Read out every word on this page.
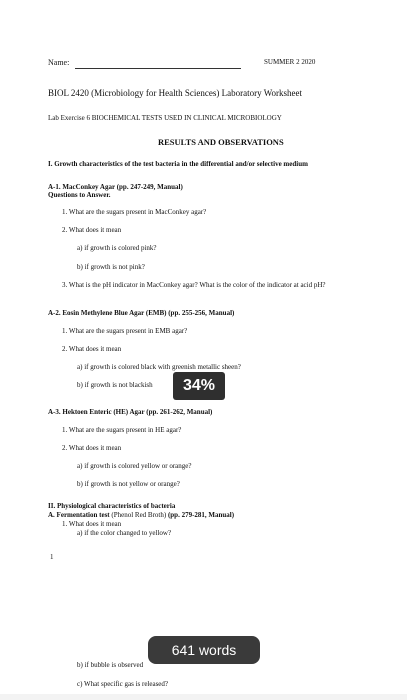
Name:	SUMMER 2 2020
BIOL 2420 (Microbiology for Health Sciences) Laboratory Worksheet
Lab Exercise 6 BIOCHEMICAL TESTS USED IN CLINICAL MICROBIOLOGY
RESULTS AND OBSERVATIONS
I. Growth characteristics of the test bacteria in the differential and/or selective medium
A-1. MacConkey Agar (pp. 247-249, Manual)
Questions to Answer.
1. What are the sugars present in MacConkey agar?
2. What does it mean
a) if growth is colored pink?
b) if growth is not pink?
3. What is the pH indicator in MacConkey agar? What is the color of the indicator at acid pH?
A-2. Eosin Methylene Blue Agar (EMB) (pp. 255-256, Manual)
1. What are the sugars present in EMB agar?
2. What does it mean
a) if growth is colored black with greenish metallic sheen?
b) if growth is not blackish
A-3. Hektoen Enteric (HE) Agar (pp. 261-262, Manual)
1. What are the sugars present in HE agar?
2. What does it mean
a) if growth is colored yellow or orange?
b) if growth is not yellow or orange?
II. Physiological characteristics of bacteria
A. Fermentation test (Phenol Red Broth) (pp. 279-281, Manual)
1. What does it mean
a) if the color changed to yellow?
1
b) if bubble is observed
c) What specific gas is released?
34%
641 words
